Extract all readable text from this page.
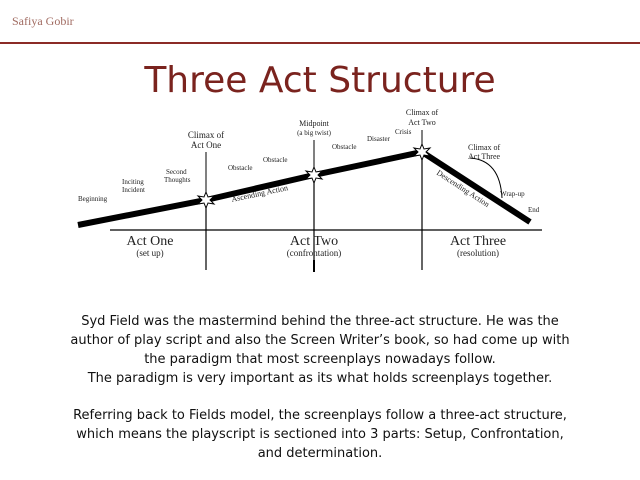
Safiya Gobir
Three Act Structure
Beginning
Inciting
Incident
Second
Thoughts
Climax of
Act One
Obstacle
Obstacle
Ascending Action
Midpoint
(a big twist)
Obstacle
Disaster
Crisis
Climax of
Act Two
Descending Action
Climax of
Act Three
Wrap-up
End
Act One
(set up)
Act Two
(confrontation)
Act Three
(resolution)

Syd Field was the mastermind behind the three-act structure. He was the

author of play script and also the Screen Writer’s book, so had come up with

the paradigm that most screenplays nowadays follow.

The paradigm is very important as its what holds screenplays together.

Referring back to Fields model, the screenplays follow a three-act structure,

which means the playscript is sectioned into 3 parts: Setup, Confrontation,

and determination.
